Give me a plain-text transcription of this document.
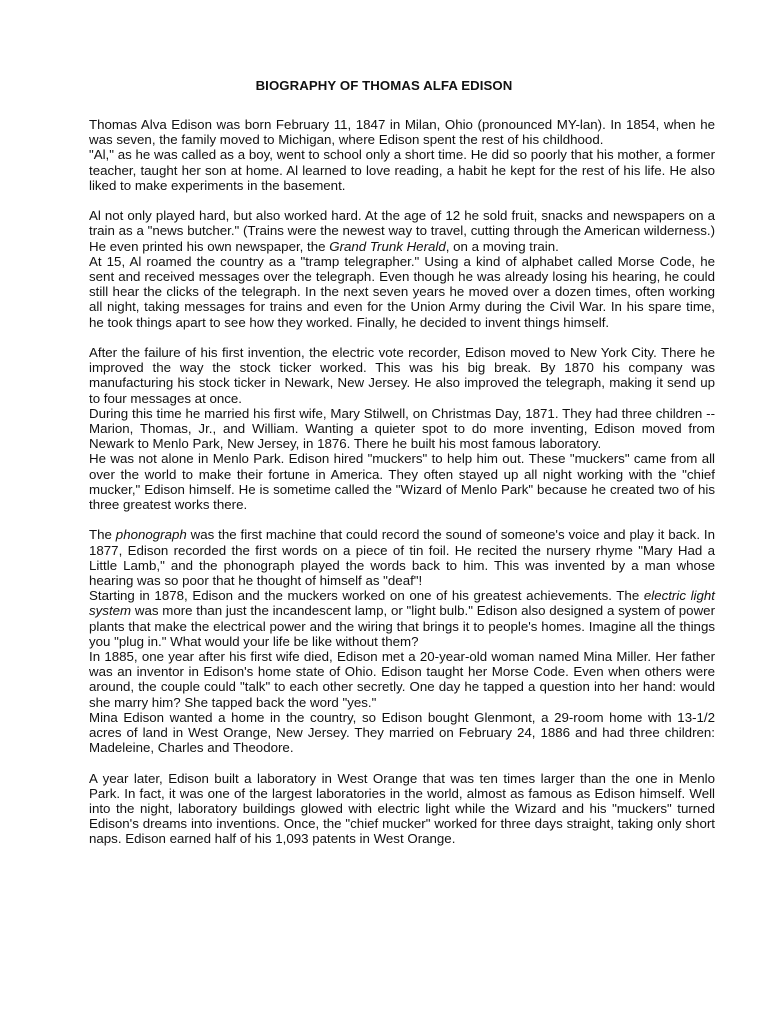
BIOGRAPHY OF THOMAS ALFA EDISON

Thomas Alva Edison was born February 11, 1847 in Milan, Ohio (pronounced MY-lan). In 1854, when he was seven, the family moved to Michigan, where Edison spent the rest of his childhood.

"Al," as he was called as a boy, went to school only a short time. He did so poorly that his mother, a former teacher, taught her son at home. Al learned to love reading, a habit he kept for the rest of his life. He also liked to make experiments in the basement.

Al not only played hard, but also worked hard. At the age of 12 he sold fruit, snacks and newspapers on a train as a "news butcher." (Trains were the newest way to travel, cutting through the American wilderness.) He even printed his own newspaper, the Grand Trunk Herald, on a moving train.

At 15, Al roamed the country as a "tramp telegrapher." Using a kind of alphabet called Morse Code, he sent and received messages over the telegraph. Even though he was already losing his hearing, he could still hear the clicks of the telegraph. In the next seven years he moved over a dozen times, often working all night, taking messages for trains and even for the Union Army during the Civil War. In his spare time, he took things apart to see how they worked. Finally, he decided to invent things himself.

After the failure of his first invention, the electric vote recorder, Edison moved to New York City. There he improved the way the stock ticker worked. This was his big break. By 1870 his company was manufacturing his stock ticker in Newark, New Jersey. He also improved the telegraph, making it send up to four messages at once.

During this time he married his first wife, Mary Stilwell, on Christmas Day, 1871. They had three children -- Marion, Thomas, Jr., and William. Wanting a quieter spot to do more inventing, Edison moved from Newark to Menlo Park, New Jersey, in 1876. There he built his most famous laboratory.

He was not alone in Menlo Park. Edison hired "muckers" to help him out. These "muckers" came from all over the world to make their fortune in America. They often stayed up all night working with the "chief mucker," Edison himself. He is sometime called the "Wizard of Menlo Park" because he created two of his three greatest works there.

The phonograph was the first machine that could record the sound of someone's voice and play it back. In 1877, Edison recorded the first words on a piece of tin foil. He recited the nursery rhyme "Mary Had a Little Lamb," and the phonograph played the words back to him. This was invented by a man whose hearing was so poor that he thought of himself as "deaf"!

Starting in 1878, Edison and the muckers worked on one of his greatest achievements. The electric light system was more than just the incandescent lamp, or "light bulb." Edison also designed a system of power plants that make the electrical power and the wiring that brings it to people's homes. Imagine all the things you "plug in." What would your life be like without them?

In 1885, one year after his first wife died, Edison met a 20-year-old woman named Mina Miller. Her father was an inventor in Edison's home state of Ohio. Edison taught her Morse Code. Even when others were around, the couple could "talk" to each other secretly. One day he tapped a question into her hand: would she marry him? She tapped back the word "yes."

Mina Edison wanted a home in the country, so Edison bought Glenmont, a 29-room home with 13-1/2 acres of land in West Orange, New Jersey. They married on February 24, 1886 and had three children: Madeleine, Charles and Theodore.

A year later, Edison built a laboratory in West Orange that was ten times larger than the one in Menlo Park. In fact, it was one of the largest laboratories in the world, almost as famous as Edison himself. Well into the night, laboratory buildings glowed with electric light while the Wizard and his "muckers" turned Edison's dreams into inventions. Once, the "chief mucker" worked for three days straight, taking only short naps. Edison earned half of his 1,093 patents in West Orange.
